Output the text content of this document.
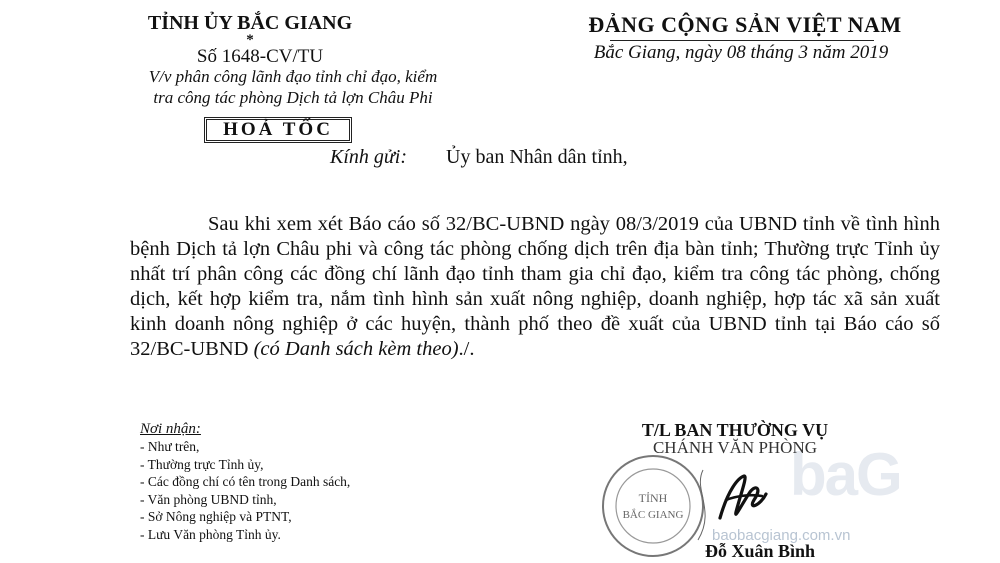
TỈNH ỦY BẮC GIANG
*
Số 1648-CV/TU
V/v phân công lãnh đạo tỉnh chỉ đạo, kiểm
tra công tác phòng Dịch tả lợn Châu Phi
HOẢ TỐC
ĐẢNG CỘNG SẢN VIỆT NAM
Bắc Giang, ngày 08 tháng 3 năm 2019
Kính gửi: Ủy ban Nhân dân tỉnh,
Sau khi xem xét Báo cáo số 32/BC-UBND ngày 08/3/2019 của UBND tỉnh về tình hình bệnh Dịch tả lợn Châu phi và công tác phòng chống dịch trên địa bàn tỉnh; Thường trực Tỉnh ủy nhất trí phân công các đồng chí lãnh đạo tỉnh tham gia chỉ đạo, kiểm tra công tác phòng, chống dịch, kết hợp kiểm tra, nắm tình hình sản xuất nông nghiệp, doanh nghiệp, hợp tác xã sản xuất kinh doanh nông nghiệp ở các huyện, thành phố theo đề xuất của UBND tỉnh tại Báo cáo số 32/BC-UBND (có Danh sách kèm theo)./.
Nơi nhận:
- Như trên,
- Thường trực Tỉnh ủy,
- Các đồng chí có tên trong Danh sách,
- Văn phòng UBND tỉnh,
- Sở Nông nghiệp và PTNT,
- Lưu Văn phòng Tỉnh ủy.
baG
T/L BAN THƯỜNG VỤ
CHÁNH VĂN PHÒNG
TỈNH
BẮC GIANG
baobacgiang.com.vn
Đỗ Xuân Bình
